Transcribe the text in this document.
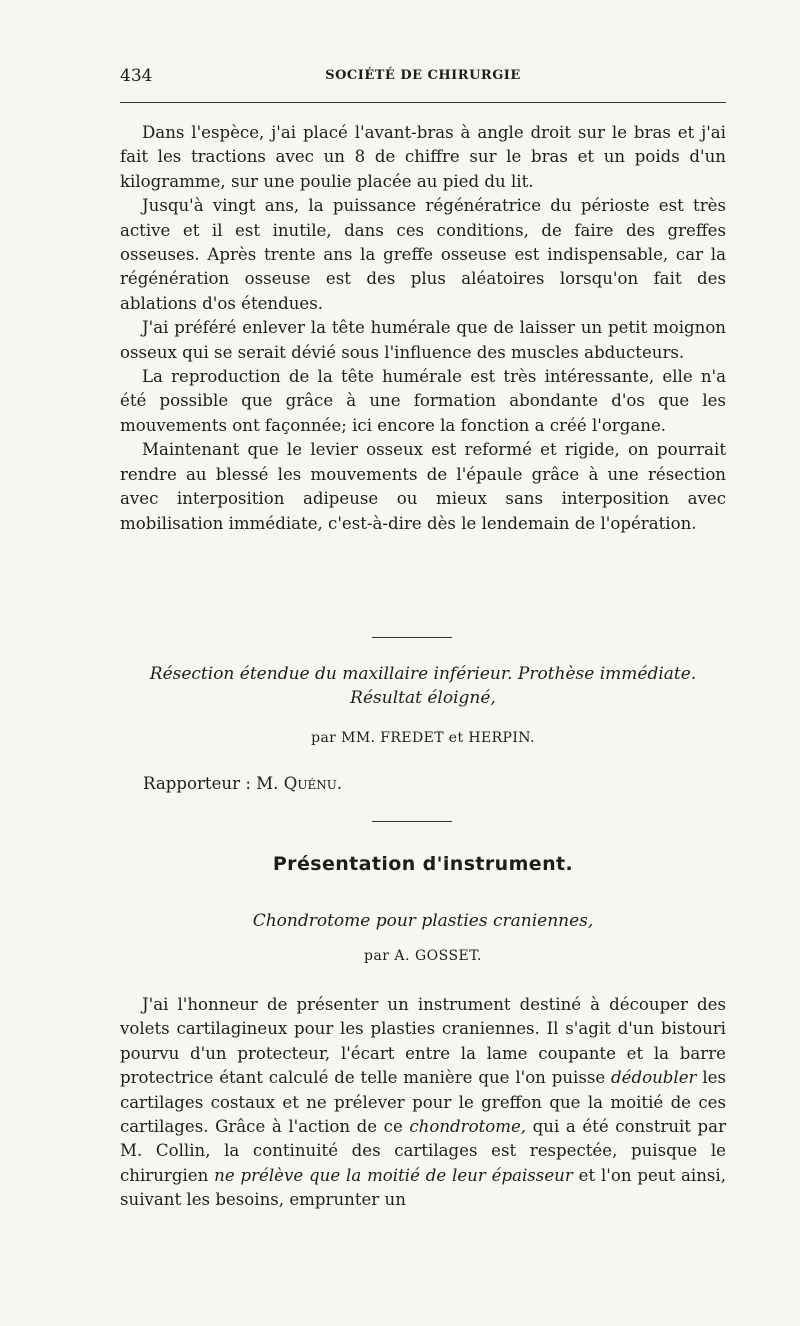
434	SOCIÉTÉ DE CHIRURGIE

Dans l'espèce, j'ai placé l'avant-bras à angle droit sur le bras et j'ai fait les tractions avec un 8 de chiffre sur le bras et un poids d'un kilogramme, sur une poulie placée au pied du lit.

Jusqu'à vingt ans, la puissance régénératrice du périoste est très active et il est inutile, dans ces conditions, de faire des greffes osseuses. Après trente ans la greffe osseuse est indispensable, car la régénération osseuse est des plus aléatoires lorsqu'on fait des ablations d'os étendues.

J'ai préféré enlever la tête humérale que de laisser un petit moignon osseux qui se serait dévié sous l'influence des muscles abducteurs.

La reproduction de la tête humérale est très intéressante, elle n'a été possible que grâce à une formation abondante d'os que les mouvements ont façonnée; ici encore la fonction a créé l'organe.

Maintenant que le levier osseux est reformé et rigide, on pourrait rendre au blessé les mouvements de l'épaule grâce à une résection avec interposition adipeuse ou mieux sans interposition avec mobilisation immédiate, c'est-à-dire dès le lendemain de l'opération.

Résection étendue du maxillaire inférieur. Prothèse immédiate.
Résultat éloigné,
par MM. FREDET et HERPIN.
Rapporteur : M. Quénu.
Présentation d'instrument.
Chondrotome pour plasties craniennes,
par A. GOSSET.

J'ai l'honneur de présenter un instrument destiné à découper des volets cartilagineux pour les plasties craniennes. Il s'agit d'un bistouri pourvu d'un protecteur, l'écart entre la lame coupante et la barre protectrice étant calculé de telle manière que l'on puisse dédoubler les cartilages costaux et ne prélever pour le greffon que la moitié de ces cartilages. Grâce à l'action de ce chondrotome, qui a été construit par M. Collin, la continuité des cartilages est respectée, puisque le chirurgien ne prélève que la moitié de leur épaisseur et l'on peut ainsi, suivant les besoins, emprunter un
